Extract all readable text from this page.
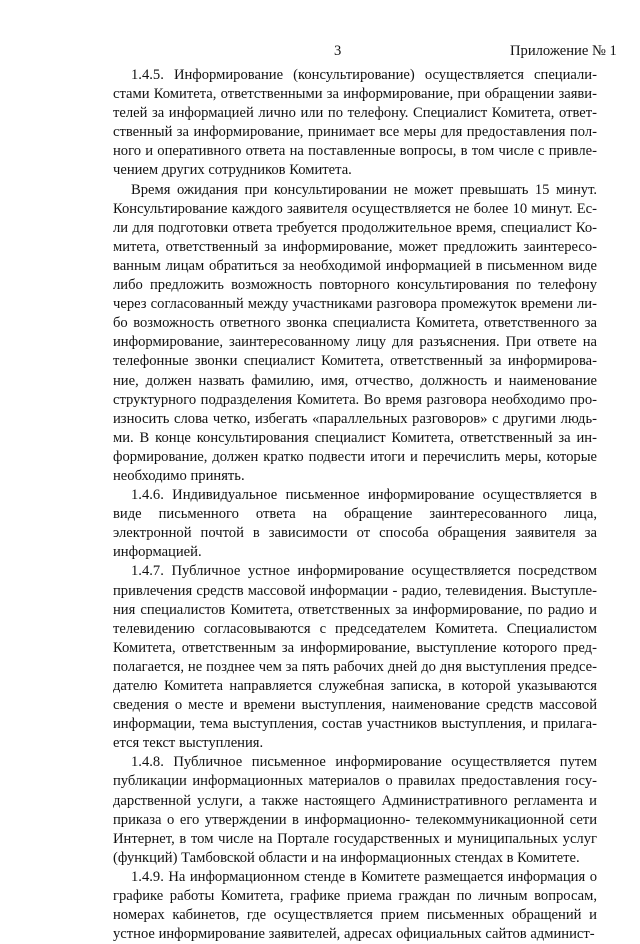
3	Приложение № 1

1.4.5. Информирование (консультирование) осуществляется специалистами Комитета, ответственными за информирование, при обращении заявителей за информацией лично или по телефону. Специалист Комитета, ответственный за информирование, принимает все меры для предоставления полного и оперативного ответа на поставленные вопросы, в том числе с привлечением других сотрудников Комитета.

Время ожидания при консультировании не может превышать 15 минут. Консультирование каждого заявителя осуществляется не более 10 минут. Если для подготовки ответа требуется продолжительное время, специалист Комитета, ответственный за информирование, может предложить заинтересованным лицам обратиться за необходимой информацией в письменном виде либо предложить возможность повторного консультирования по телефону через согласованный между участниками разговора промежуток времени либо возможность ответного звонка специалиста Комитета, ответственного за информирование, заинтересованному лицу для разъяснения. При ответе на телефонные звонки специалист Комитета, ответственный за информирование, должен назвать фамилию, имя, отчество, должность и наименование структурного подразделения Комитета. Во время разговора необходимо произносить слова четко, избегать «параллельных разговоров» с другими людьми. В конце консультирования специалист Комитета, ответственный за информирование, должен кратко подвести итоги и перечислить меры, которые необходимо принять.

1.4.6. Индивидуальное письменное информирование осуществляется в виде письменного ответа на обращение заинтересованного лица, электронной почтой в зависимости от способа обращения заявителя за информацией.

1.4.7. Публичное устное информирование осуществляется посредством привлечения средств массовой информации - радио, телевидения. Выступления специалистов Комитета, ответственных за информирование, по радио и телевидению согласовываются с председателем Комитета. Специалистом Комитета, ответственным за информирование, выступление которого предполагается, не позднее чем за пять рабочих дней до дня выступления председателю Комитета направляется служебная записка, в которой указываются сведения о месте и времени выступления, наименование средств массовой информации, тема выступления, состав участников выступления, и прилагается текст выступления.

1.4.8. Публичное письменное информирование осуществляется путем публикации информационных материалов о правилах предоставления государственной услуги, а также настоящего Административного регламента и приказа о его утверждении в информационно- телекоммуникационной сети Интернет, в том числе на Портале государственных и муниципальных услуг (функций) Тамбовской области и на информационных стендах в Комитете.

1.4.9. На информационном стенде в Комитете размещается информация о графике работы Комитета, графике приема граждан по личным вопросам, номерах кабинетов, где осуществляется прием письменных обращений и устное информирование заявителей, адресах официальных сайтов админист-
